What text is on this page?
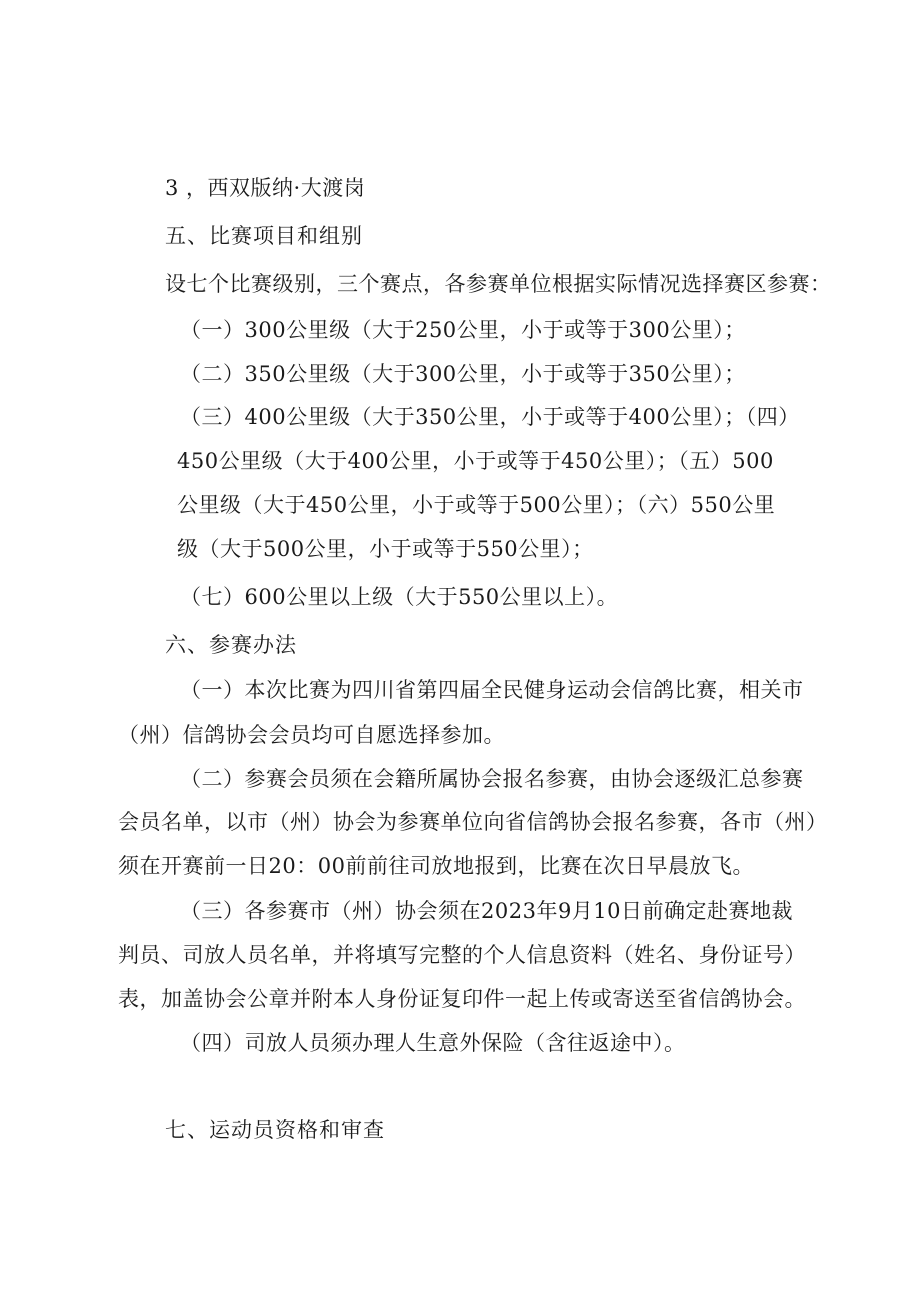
3 ，西双版纳·大渡岗
五、比赛项目和组别
设七个比赛级别，三个赛点，各参赛单位根据实际情况选择赛区参赛：
（一）300公里级（大于250公里，小于或等于300公里）；
（二）350公里级（大于300公里，小于或等于350公里）；
（三）400公里级（大于350公里，小于或等于400公里）；（四）
450公里级（大于400公里，小于或等于450公里）；（五）500
公里级（大于450公里，小于或等于500公里）；（六）550公里
级（大于500公里，小于或等于550公里）；
（七）600公里以上级（大于550公里以上）。
六、参赛办法
（一）本次比赛为四川省第四届全民健身运动会信鸽比赛，相关市
（州）信鸽协会会员均可自愿选择参加。
（二）参赛会员须在会籍所属协会报名参赛，由协会逐级汇总参赛
会员名单，以市（州）协会为参赛单位向省信鸽协会报名参赛，各市（州）
须在开赛前一日20：00前前往司放地报到，比赛在次日早晨放飞。
（三）各参赛市（州）协会须在2023年9月10日前确定赴赛地裁
判员、司放人员名单，并将填写完整的个人信息资料（姓名、身份证号）
表，加盖协会公章并附本人身份证复印件一起上传或寄送至省信鸽协会。
（四）司放人员须办理人生意外保险（含往返途中）。
七、运动员资格和审查
